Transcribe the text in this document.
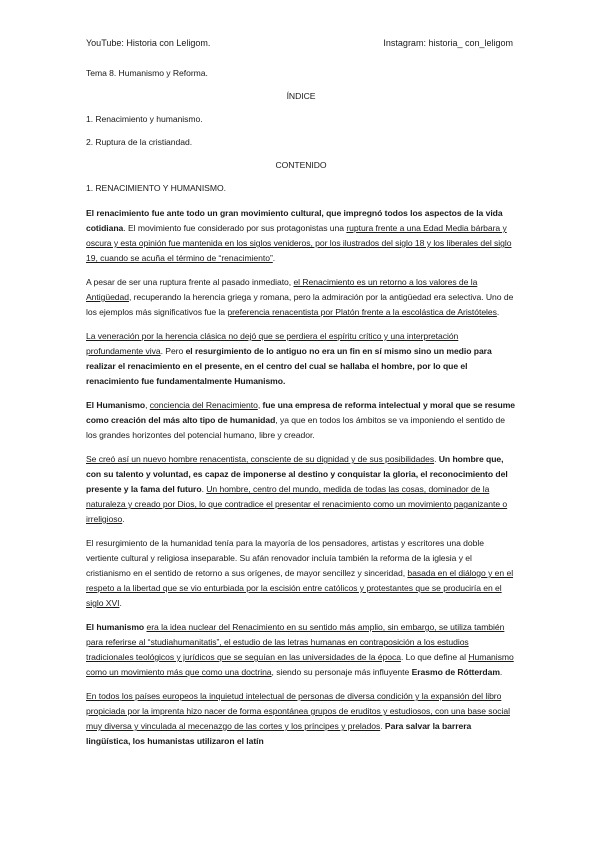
YouTube: Historia con Leligom.	Instagram: historia_ con_leligom

Tema 8. Humanismo y Reforma.

ÍNDICE

1. Renacimiento y humanismo.

2. Ruptura de la cristiandad.

CONTENIDO

1. RENACIMIENTO Y HUMANISMO.

El renacimiento fue ante todo un gran movimiento cultural, que impregnó todos los aspectos de la vida cotidiana. El movimiento fue considerado por sus protagonistas una ruptura frente a una Edad Media bárbara y oscura y esta opinión fue mantenida en los siglos venideros, por los ilustrados del siglo 18 y los liberales del siglo 19, cuando se acuña el término de “renacimiento”.

A pesar de ser una ruptura frente al pasado inmediato, el Renacimiento es un retorno a los valores de la Antigüedad, recuperando la herencia griega y romana, pero la admiración por la antigüedad era selectiva. Uno de los ejemplos más significativos fue la preferencia renacentista por Platón frente a la escolástica de Aristóteles.

La veneración por la herencia clásica no dejó que se perdiera el espíritu crítico y una interpretación profundamente viva. Pero el resurgimiento de lo antiguo no era un fin en sí mismo sino un medio para realizar el renacimiento en el presente, en el centro del cual se hallaba el hombre, por lo que el renacimiento fue fundamentalmente Humanismo.

El Humanismo, conciencia del Renacimiento, fue una empresa de reforma intelectual y moral que se resume como creación del más alto tipo de humanidad, ya que en todos los ámbitos se va imponiendo el sentido de los grandes horizontes del potencial humano, libre y creador.

Se creó así un nuevo hombre renacentista, consciente de su dignidad y de sus posibilidades. Un hombre que, con su talento y voluntad, es capaz de imponerse al destino y conquistar la gloria, el reconocimiento del presente y la fama del futuro. Un hombre, centro del mundo, medida de todas las cosas, dominador de la naturaleza y creado por Dios, lo que contradice el presentar el renacimiento como un movimiento paganizante o irreligioso.

El resurgimiento de la humanidad tenía para la mayoría de los pensadores, artistas y escritores una doble vertiente cultural y religiosa inseparable. Su afán renovador incluía también la reforma de la iglesia y el cristianismo en el sentido de retorno a sus orígenes, de mayor sencillez y sinceridad, basada en el diálogo y en el respeto a la libertad que se vio enturbiada por la escisión entre católicos y protestantes que se produciría en el siglo XVI.

El humanismo era la idea nuclear del Renacimiento en su sentido más amplio, sin embargo, se utiliza también para referirse al “studiahumanitatis”, el estudio de las letras humanas en contraposición a los estudios tradicionales teológicos y jurídicos que se seguían en las universidades de la época. Lo que define al Humanismo como un movimiento más que como una doctrina, siendo su personaje más influyente Erasmo de Rótterdam.

En todos los países europeos la inquietud intelectual de personas de diversa condición y la expansión del libro propiciada por la imprenta hizo nacer de forma espontánea grupos de eruditos y estudiosos, con una base social muy diversa y vinculada al mecenazgo de las cortes y los príncipes y prelados. Para salvar la barrera lingüística, los humanistas utilizaron el latín
